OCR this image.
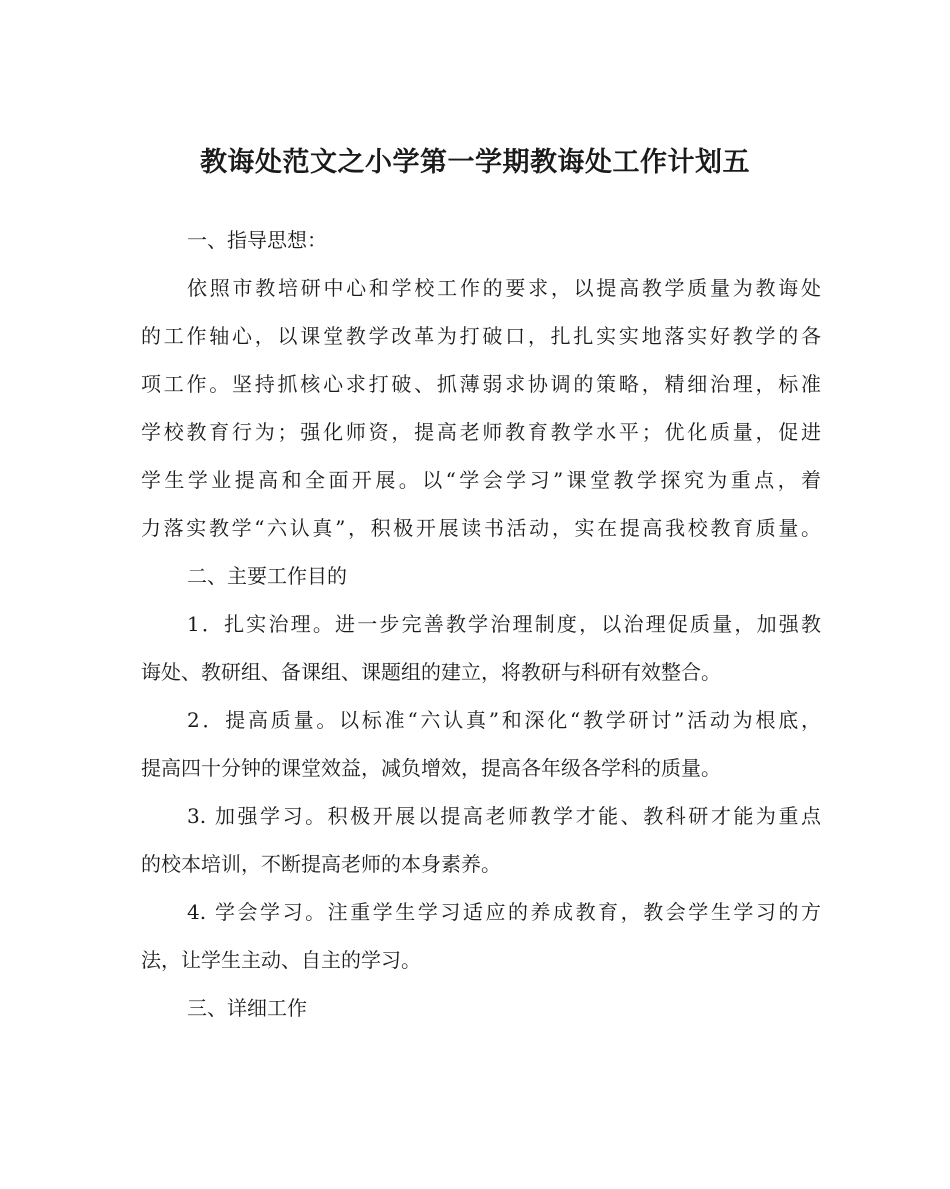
教诲处范文之小学第一学期教诲处工作计划五
一、指导思想：
依照市教培研中心和学校工作的要求，以提高教学质量为教诲处
的工作轴心，以课堂教学改革为打破口，扎扎实实地落实好教学的各
项工作。坚持抓核心求打破、抓薄弱求协调的策略，精细治理，标准
学校教育行为；强化师资，提高老师教育教学水平；优化质量，促进
学生学业提高和全面开展。以“学会学习”课堂教学探究为重点，着
力落实教学“六认真”，积极开展读书活动，实在提高我校教育质量。
二、主要工作目的
1．扎实治理。进一步完善教学治理制度，以治理促质量，加强教
诲处、教研组、备课组、课题组的建立，将教研与科研有效整合。
2．提高质量。以标准“六认真”和深化“教学研讨”活动为根底，
提高四十分钟的课堂效益，减负增效，提高各年级各学科的质量。
3. 加强学习。积极开展以提高老师教学才能、教科研才能为重点
的校本培训，不断提高老师的本身素养。
4. 学会学习。注重学生学习适应的养成教育，教会学生学习的方
法，让学生主动、自主的学习。
三、详细工作
